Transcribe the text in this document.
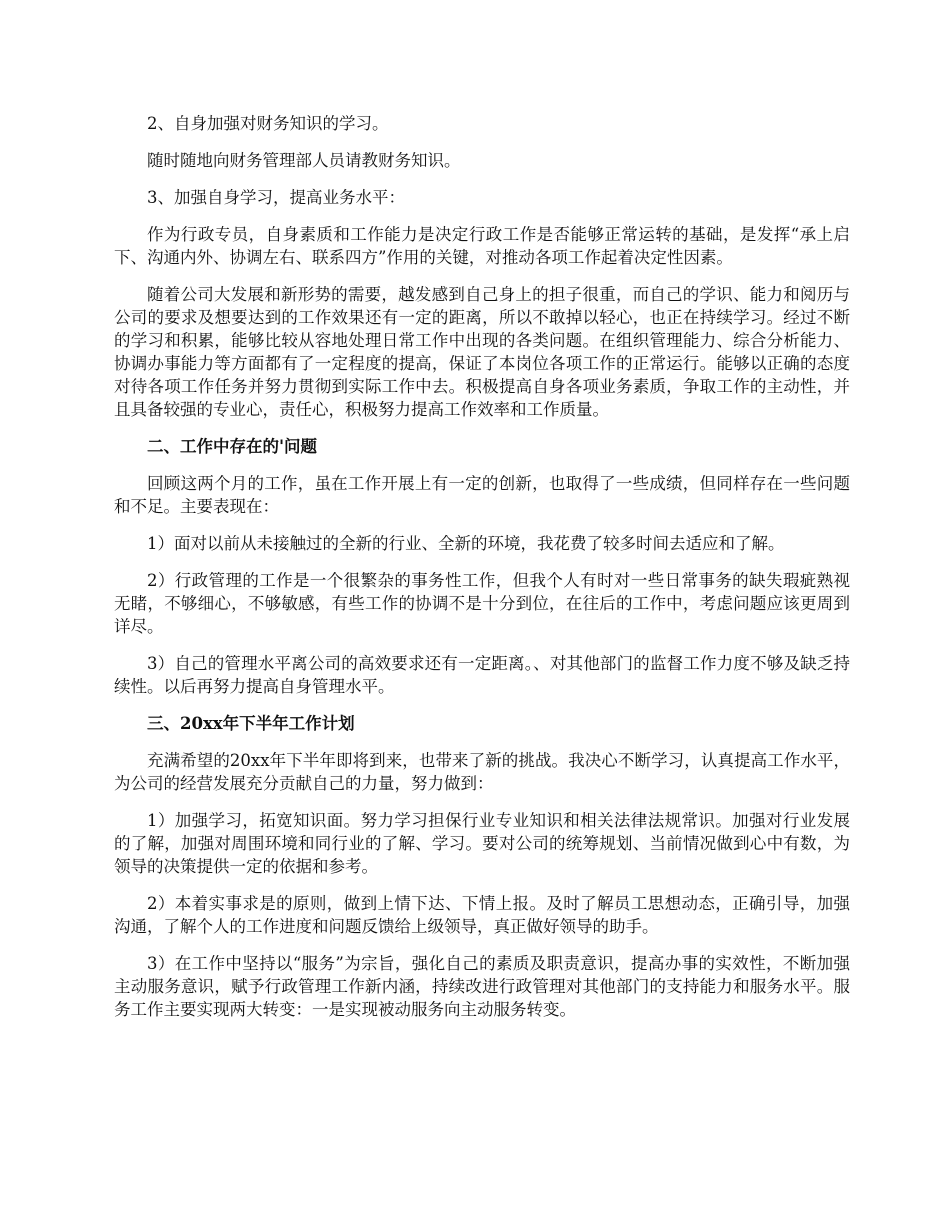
2、自身加强对财务知识的学习。

随时随地向财务管理部人员请教财务知识。

3、加强自身学习，提高业务水平：

作为行政专员，自身素质和工作能力是决定行政工作是否能够正常运转的基础，是发挥“承上启下、沟通内外、协调左右、联系四方”作用的关键，对推动各项工作起着决定性因素。

随着公司大发展和新形势的需要，越发感到自己身上的担子很重，而自己的学识、能力和阅历与公司的要求及想要达到的工作效果还有一定的距离，所以不敢掉以轻心，也正在持续学习。经过不断的学习和积累，能够比较从容地处理日常工作中出现的各类问题。在组织管理能力、综合分析能力、协调办事能力等方面都有了一定程度的提高，保证了本岗位各项工作的正常运行。能够以正确的态度对待各项工作任务并努力贯彻到实际工作中去。积极提高自身各项业务素质，争取工作的主动性，并且具备较强的专业心，责任心，积极努力提高工作效率和工作质量。

二、工作中存在的'问题

回顾这两个月的工作，虽在工作开展上有一定的创新，也取得了一些成绩，但同样存在一些问题和不足。主要表现在：

1）面对以前从未接触过的全新的行业、全新的环境，我花费了较多时间去适应和了解。

2）行政管理的工作是一个很繁杂的事务性工作，但我个人有时对一些日常事务的缺失瑕疵熟视无睹，不够细心，不够敏感，有些工作的协调不是十分到位，在往后的工作中，考虑问题应该更周到详尽。

3）自己的管理水平离公司的高效要求还有一定距离。、对其他部门的监督工作力度不够及缺乏持续性。以后再努力提高自身管理水平。

三、20xx年下半年工作计划

充满希望的20xx年下半年即将到来，也带来了新的挑战。我决心不断学习，认真提高工作水平，为公司的经营发展充分贡献自己的力量，努力做到：

1）加强学习，拓宽知识面。努力学习担保行业专业知识和相关法律法规常识。加强对行业发展的了解，加强对周围环境和同行业的了解、学习。要对公司的统筹规划、当前情况做到心中有数，为领导的决策提供一定的依据和参考。

2）本着实事求是的原则，做到上情下达、下情上报。及时了解员工思想动态，正确引导，加强沟通，了解个人的工作进度和问题反馈给上级领导，真正做好领导的助手。

3）在工作中坚持以“服务”为宗旨，强化自己的素质及职责意识，提高办事的实效性，不断加强主动服务意识，赋予行政管理工作新内涵，持续改进行政管理对其他部门的支持能力和服务水平。服务工作主要实现两大转变：一是实现被动服务向主动服务转变。
